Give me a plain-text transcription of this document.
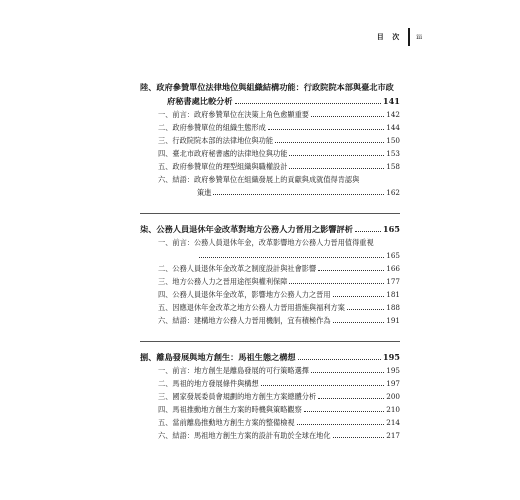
目 次 iii
陸、政府參贊單位法律地位與組織結構功能：行政院院本部與臺北市政
府秘書處比較分析	141
一、前言：政府參贊單位在決策上角色愈顯重要	142
二、政府參贊單位的組織生態形成	144
三、行政院院本部的法律地位與功能	150
四、臺北市政府秘書處的法律地位與功能	153
五、政府參贊單位的理型組織與職權設計	158
六、結語：政府參贊單位在組織發展上的貢獻與成就值得肯認與
策進	162
柒、公務人員退休年金改革對地方公務人力晉用之影響評析	165
一、前言：公務人員退休年金，改革影響地方公務人力晉用值得重視
165
二、公務人員退休年金改革之制度設計與社會影響	166
三、地方公務人力之晉用途徑與權利保障	177
四、公務人員退休年金改革，影響地方公務人力之晉用	181
五、因應退休年金改革之地方公務人力晉用措施與福利方案	188
六、結語：建構地方公務人力晉用機制，宜有積極作為	191
捌、離島發展與地方創生：馬祖生態之構想	195
一、前言：地方創生是離島發展的可行策略選擇	195
二、馬祖的地方發展條件與構想	197
三、國家發展委員會規劃的地方創生方案總體分析	200
四、馬祖推動地方創生方案的時機與策略觀察	210
五、當前離島推動地方創生方案的整備檢視	214
六、結語：馬祖地方創生方案的設計有助於全球在地化	217
